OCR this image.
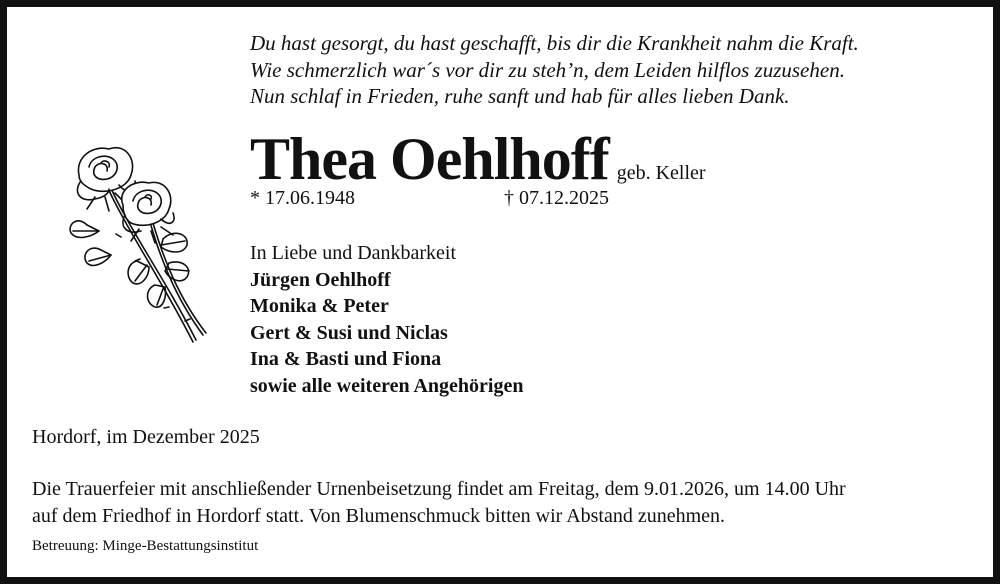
Du hast gesorgt, du hast geschafft, bis dir die Krankheit nahm die Kraft.
Wie schmerzlich war´s vor dir zu steh’n, dem Leiden hilflos zuzusehen.
Nun schlaf in Frieden, ruhe sanft und hab für alles lieben Dank.
Thea Oehlhoff geb. Keller
* 17.06.1948	† 07.12.2025
In Liebe und Dankbarkeit
Jürgen Oehlhoff
Monika & Peter
Gert & Susi und Niclas
Ina & Basti und Fiona
sowie alle weiteren Angehörigen
Hordorf, im Dezember 2025
Die Trauerfeier mit anschließender Urnenbeisetzung findet am Freitag, dem 9.01.2026, um 14.00 Uhr
auf dem Friedhof in Hordorf statt. Von Blumenschmuck bitten wir Abstand zunehmen.
Betreuung: Minge-Bestattungsinstitut
